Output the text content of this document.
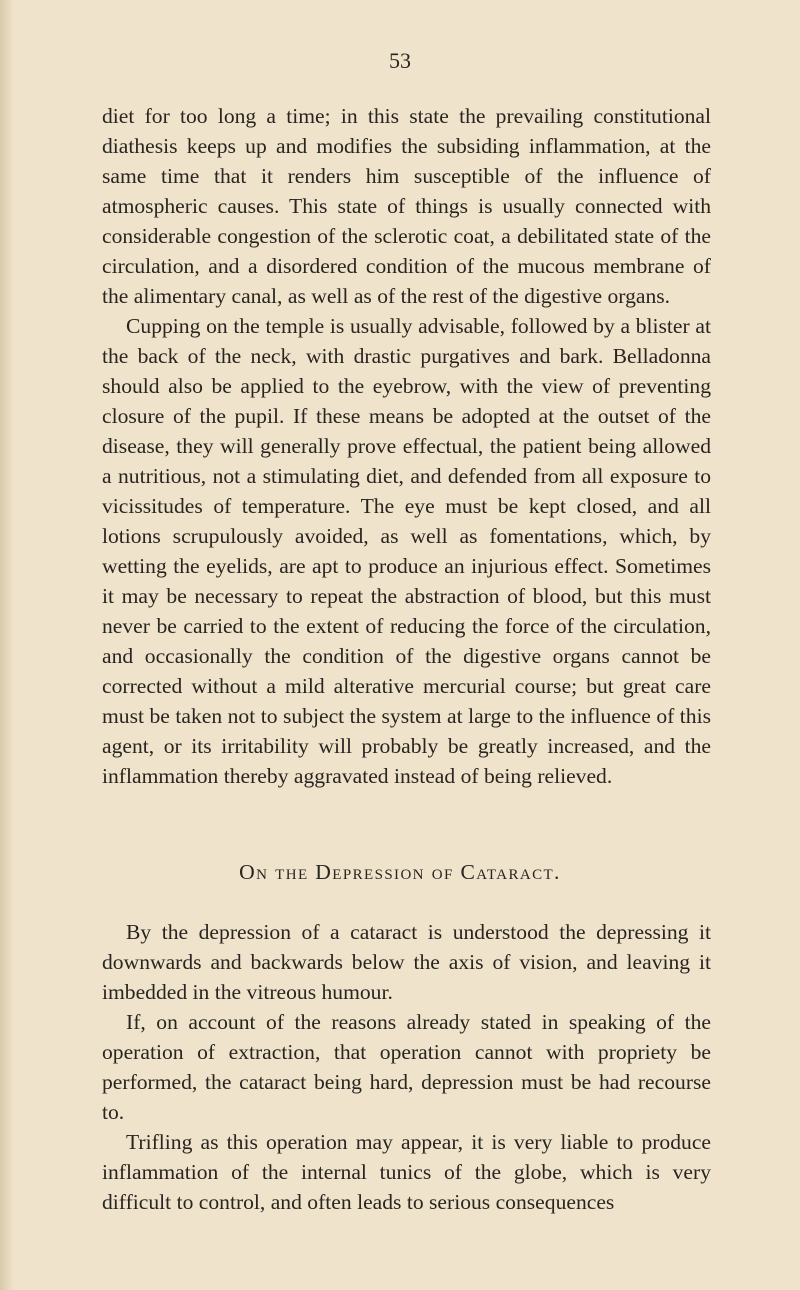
53

diet for too long a time; in this state the prevailing constitutional diathesis keeps up and modifies the subsiding inflammation, at the same time that it renders him susceptible of the influence of atmospheric causes. This state of things is usually connected with considerable congestion of the sclerotic coat, a debilitated state of the circulation, and a disordered condition of the mucous membrane of the alimentary canal, as well as of the rest of the digestive organs.

Cupping on the temple is usually advisable, followed by a blister at the back of the neck, with drastic purgatives and bark. Belladonna should also be applied to the eyebrow, with the view of preventing closure of the pupil. If these means be adopted at the outset of the disease, they will generally prove effectual, the patient being allowed a nutritious, not a stimulating diet, and defended from all exposure to vicissitudes of temperature. The eye must be kept closed, and all lotions scrupulously avoided, as well as fomentations, which, by wetting the eyelids, are apt to produce an injurious effect. Sometimes it may be necessary to repeat the abstraction of blood, but this must never be carried to the extent of reducing the force of the circulation, and occasionally the condition of the digestive organs cannot be corrected without a mild alterative mercurial course; but great care must be taken not to subject the system at large to the influence of this agent, or its irritability will probably be greatly increased, and the inflammation thereby aggravated instead of being relieved.

On the Depression of Cataract.

By the depression of a cataract is understood the depressing it downwards and backwards below the axis of vision, and leaving it imbedded in the vitreous humour.

If, on account of the reasons already stated in speaking of the operation of extraction, that operation cannot with propriety be performed, the cataract being hard, depression must be had recourse to.

Trifling as this operation may appear, it is very liable to produce inflammation of the internal tunics of the globe, which is very difficult to control, and often leads to serious consequences
